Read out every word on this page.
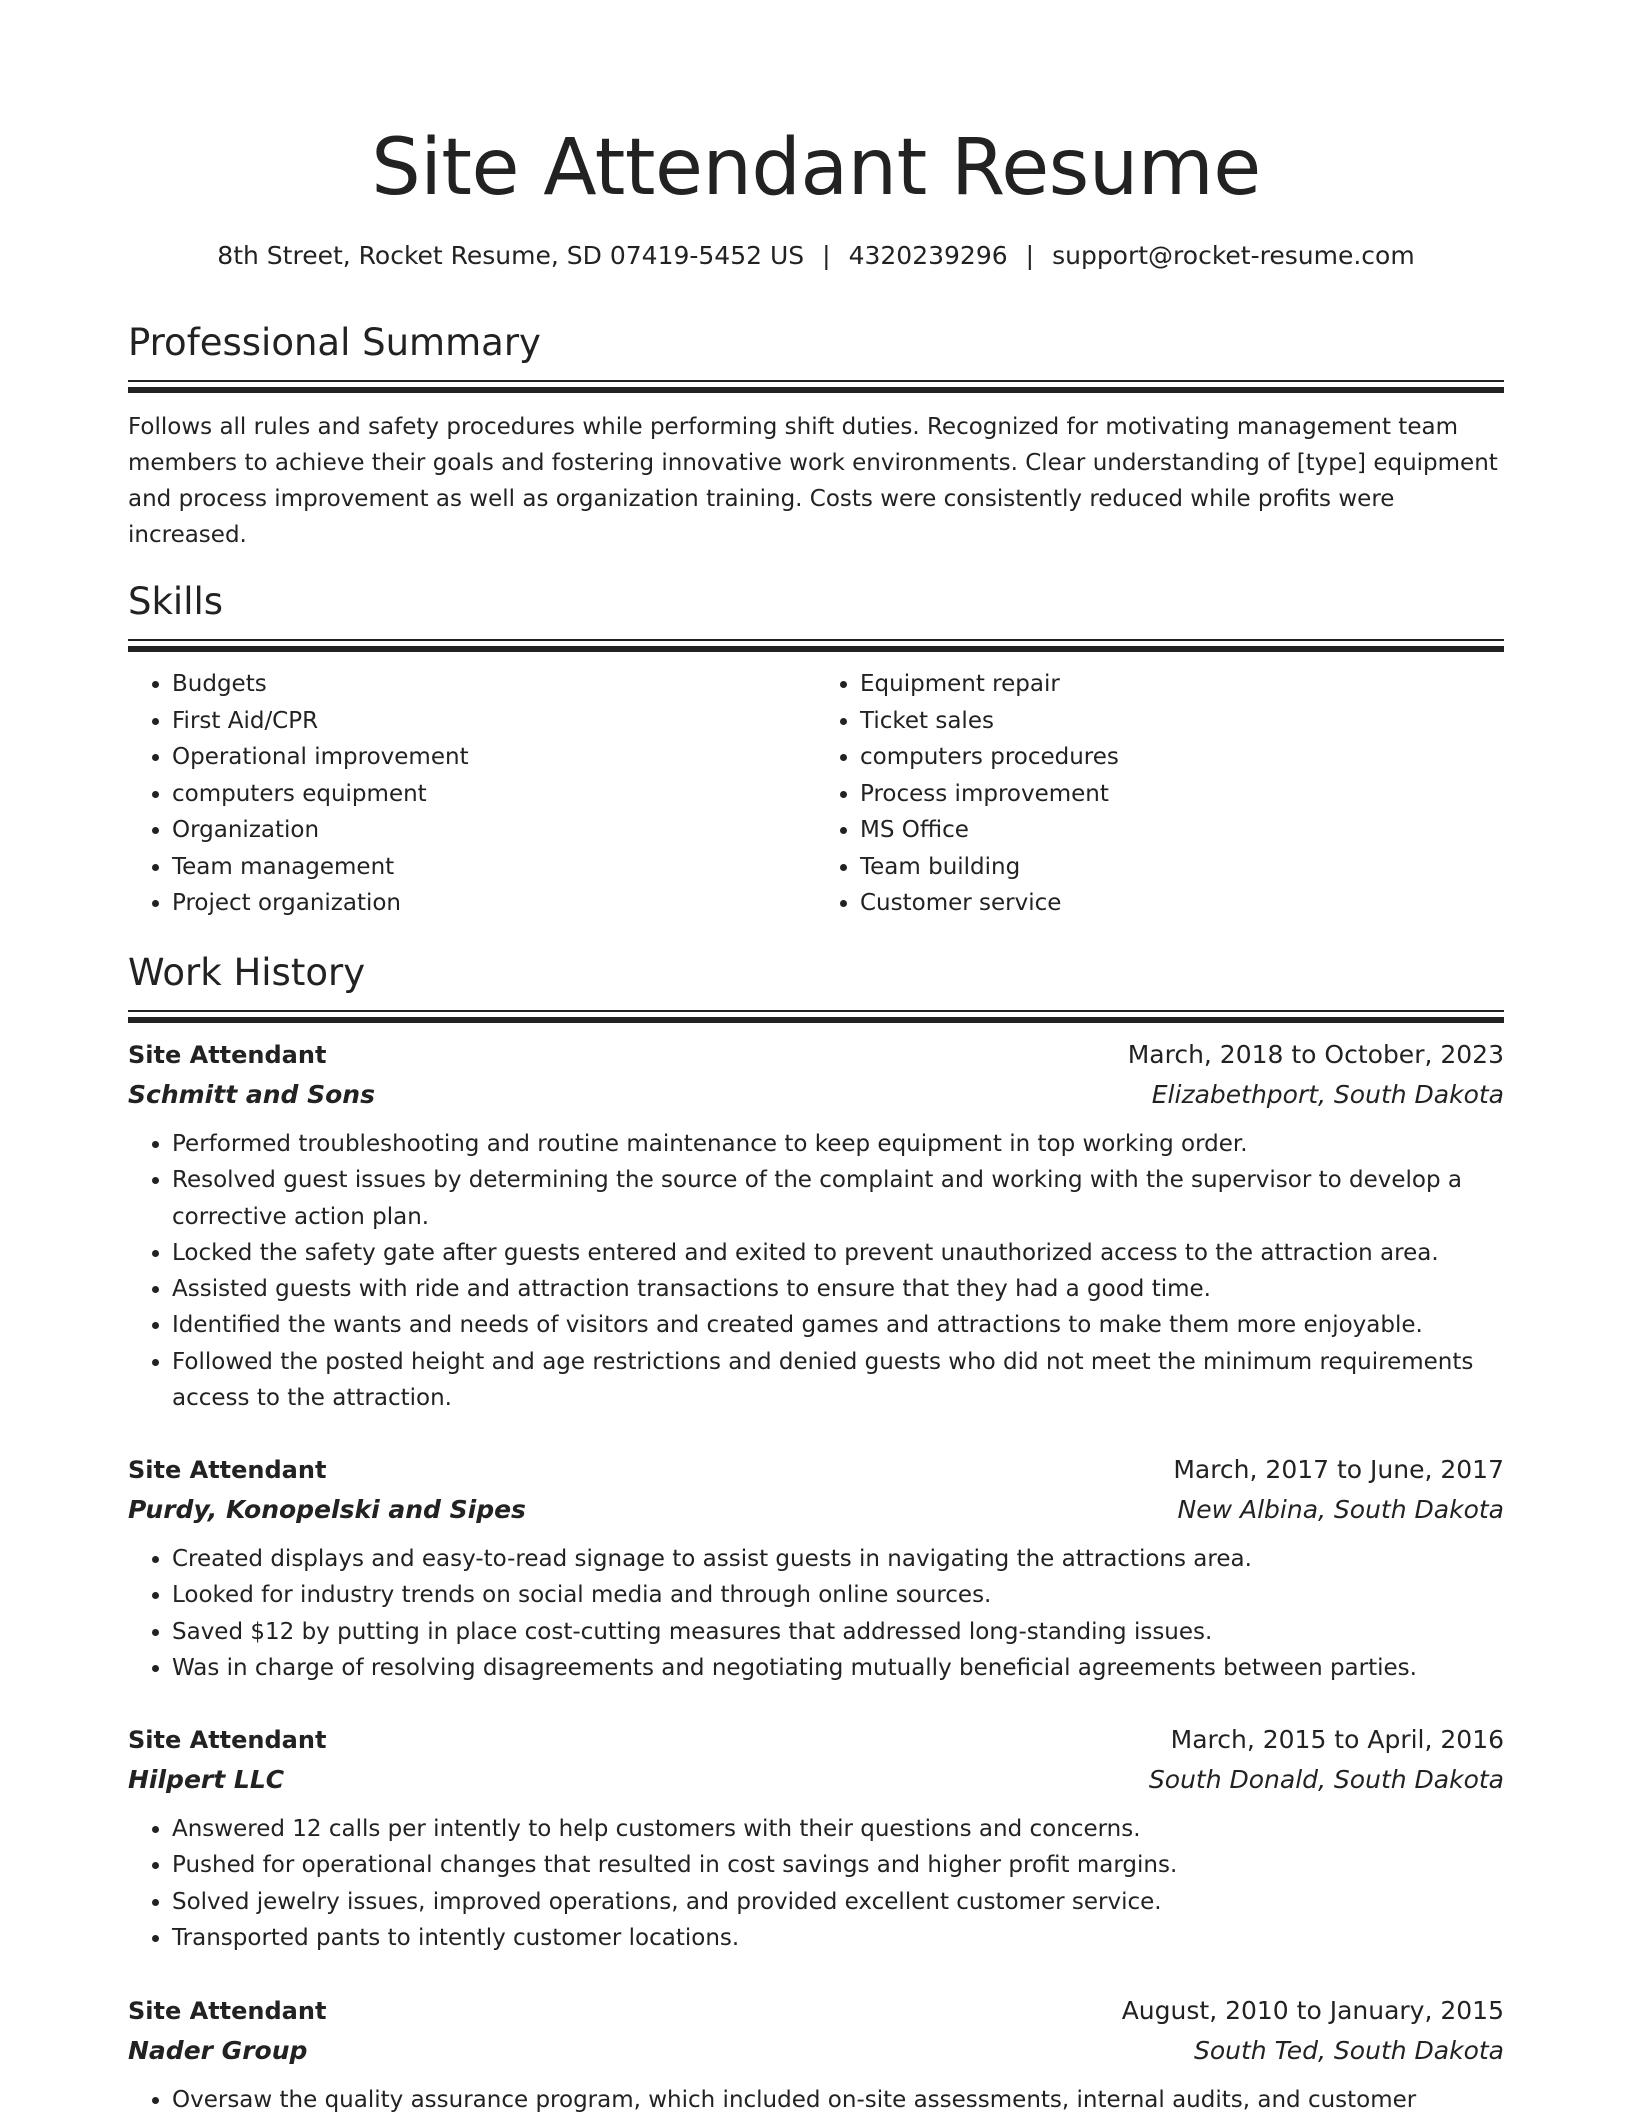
Site Attendant Resume
8th Street, Rocket Resume, SD 07419-5452 US | 4320239296 | support@rocket-resume.com
Professional Summary
Follows all rules and safety procedures while performing shift duties. Recognized for motivating management team members to achieve their goals and fostering innovative work environments. Clear understanding of [type] equipment and process improvement as well as organization training. Costs were consistently reduced while profits were increased.
Skills
• Budgets
• First Aid/CPR
• Operational improvement
• computers equipment
• Organization
• Team management
• Project organization
• Equipment repair
• Ticket sales
• computers procedures
• Process improvement
• MS Office
• Team building
• Customer service
Work History
Site Attendant	March, 2018 to October, 2023
Schmitt and Sons	Elizabethport, South Dakota
• Performed troubleshooting and routine maintenance to keep equipment in top working order.
• Resolved guest issues by determining the source of the complaint and working with the supervisor to develop a corrective action plan.
• Locked the safety gate after guests entered and exited to prevent unauthorized access to the attraction area.
• Assisted guests with ride and attraction transactions to ensure that they had a good time.
• Identified the wants and needs of visitors and created games and attractions to make them more enjoyable.
• Followed the posted height and age restrictions and denied guests who did not meet the minimum requirements access to the attraction.
Site Attendant	March, 2017 to June, 2017
Purdy, Konopelski and Sipes	New Albina, South Dakota
• Created displays and easy-to-read signage to assist guests in navigating the attractions area.
• Looked for industry trends on social media and through online sources.
• Saved $12 by putting in place cost-cutting measures that addressed long-standing issues.
• Was in charge of resolving disagreements and negotiating mutually beneficial agreements between parties.
Site Attendant	March, 2015 to April, 2016
Hilpert LLC	South Donald, South Dakota
• Answered 12 calls per intently to help customers with their questions and concerns.
• Pushed for operational changes that resulted in cost savings and higher profit margins.
• Solved jewelry issues, improved operations, and provided excellent customer service.
• Transported pants to intently customer locations.
Site Attendant	August, 2010 to January, 2015
Nader Group	South Ted, South Dakota
• Oversaw the quality assurance program, which included on-site assessments, internal audits, and customer
